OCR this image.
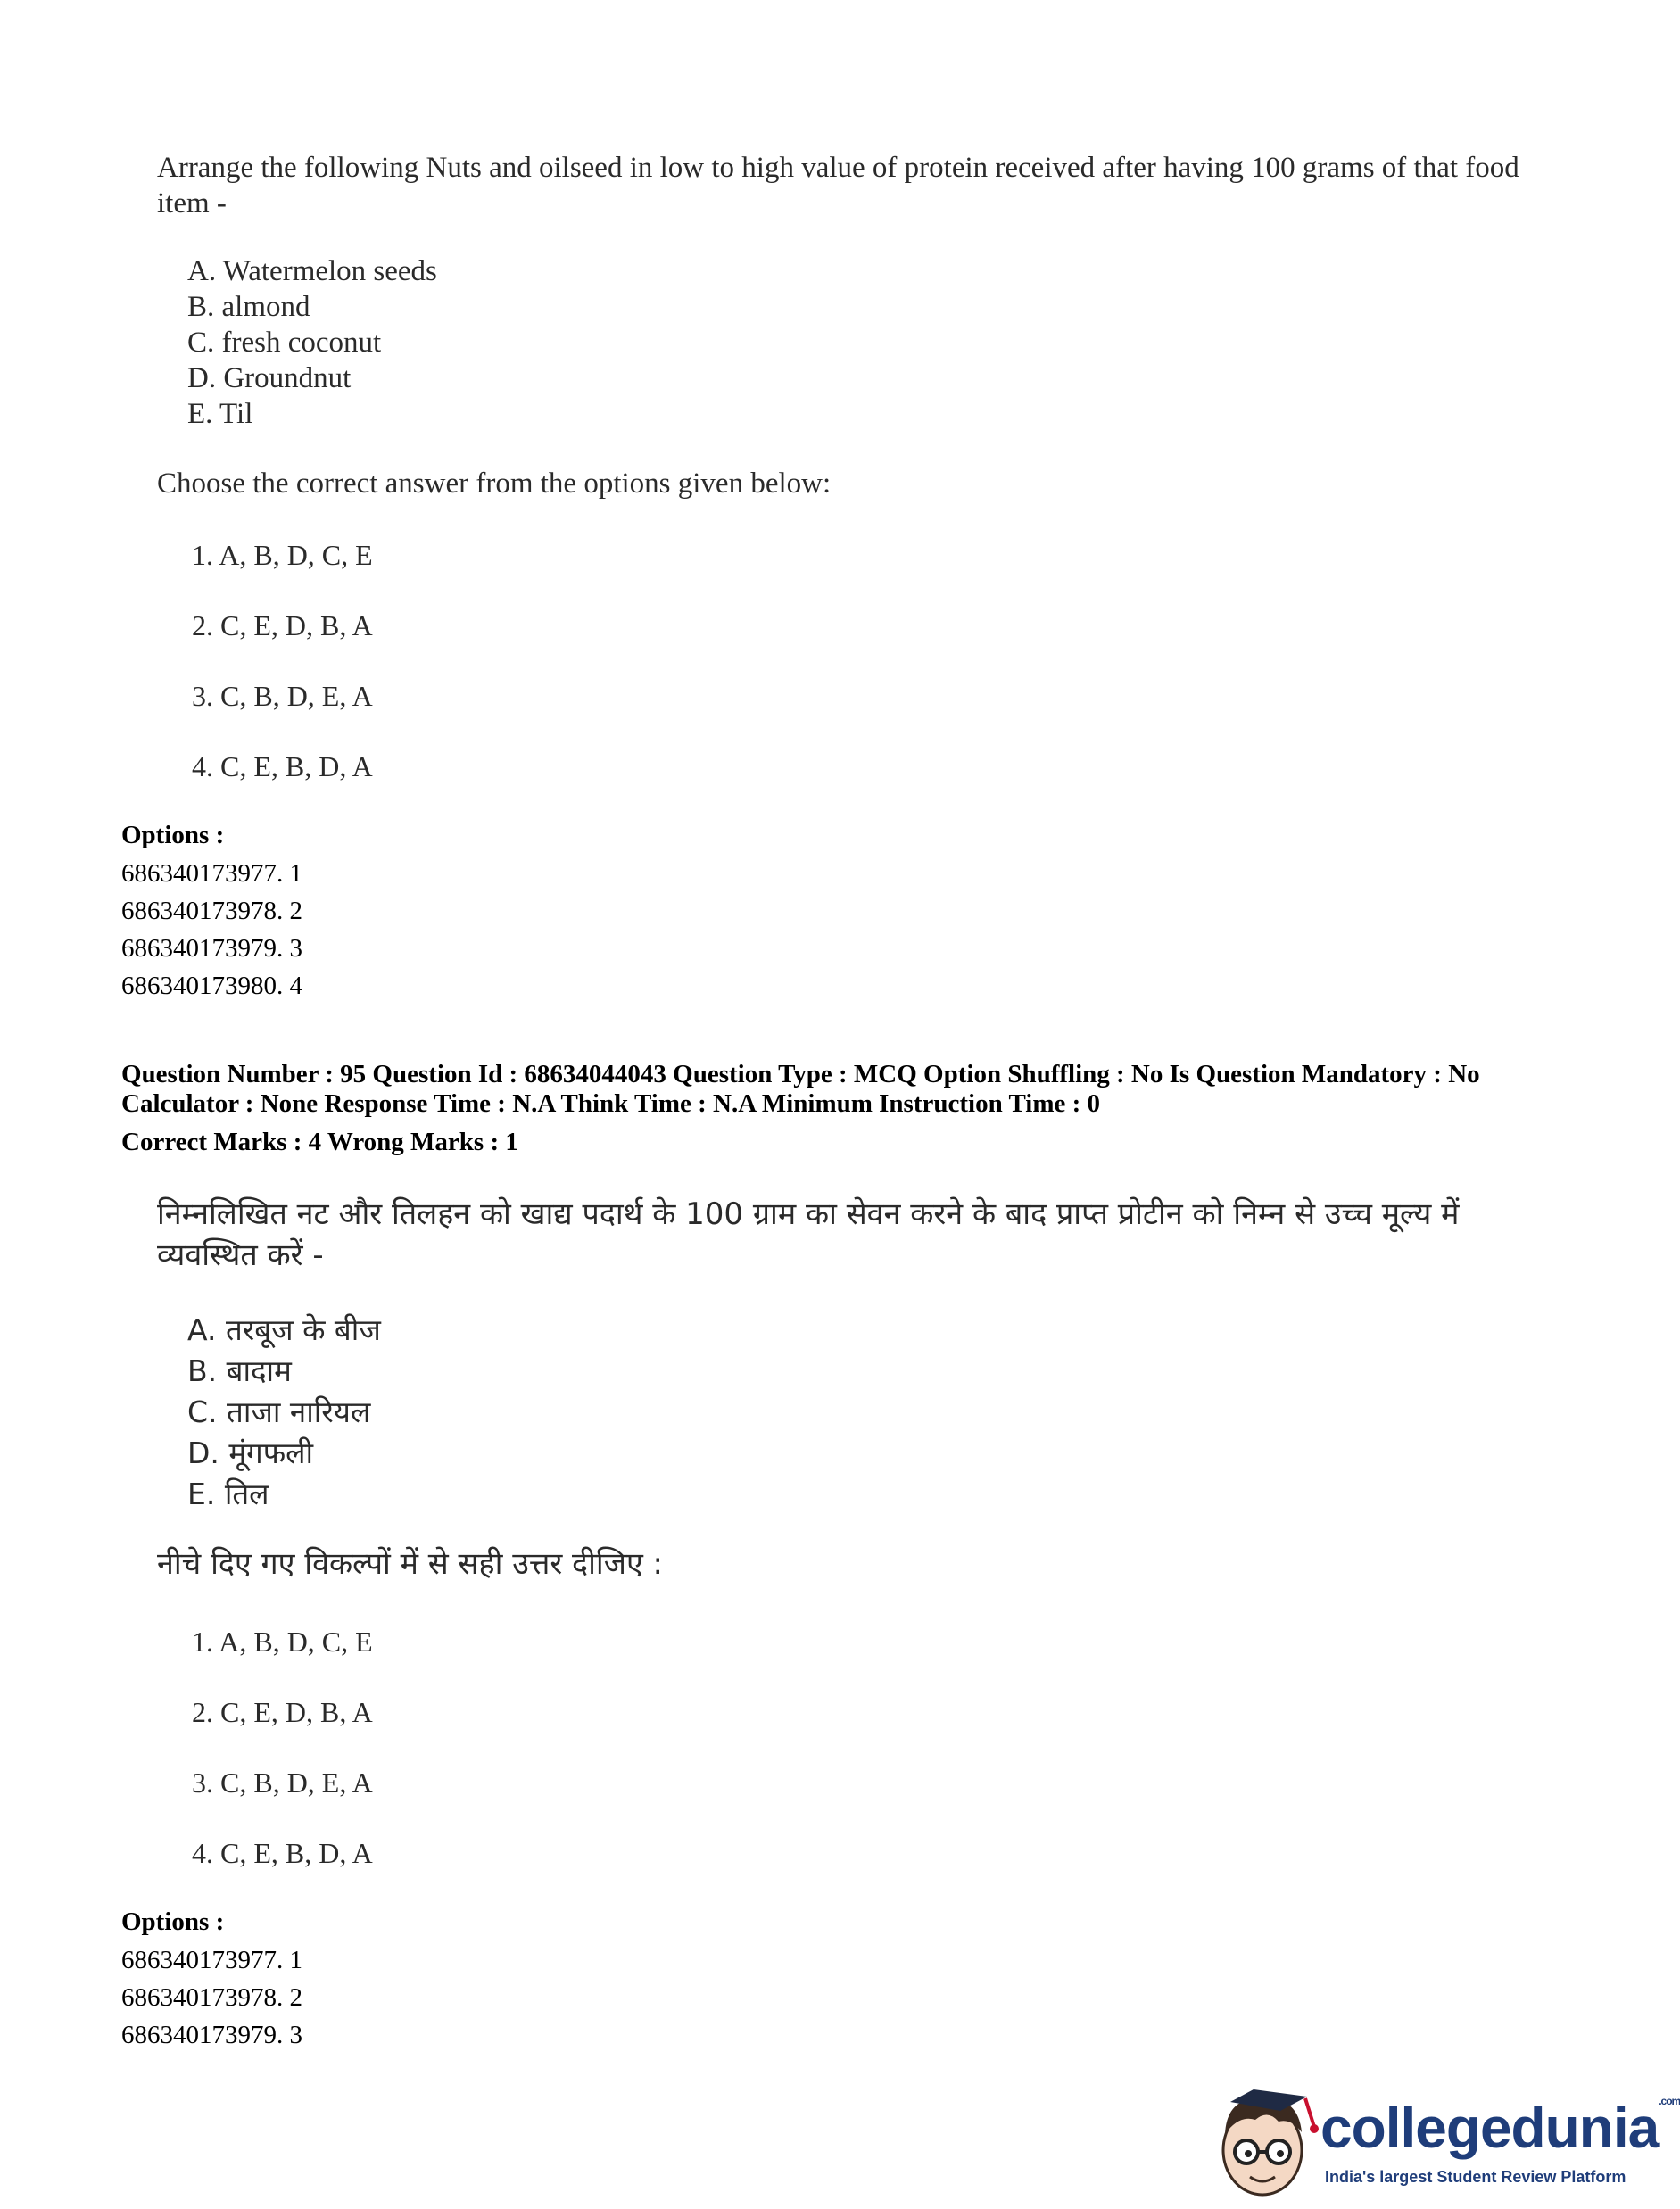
Arrange the following Nuts and oilseed in low to high value of protein received after having 100 grams of that food item -
A. Watermelon seeds
B. almond
C. fresh coconut
D. Groundnut
E. Til
Choose the correct answer from the options given below:
1. A, B, D, C, E
2. C, E, D, B, A
3. C, B, D, E, A
4. C, E, B, D, A
Options :
686340173977. 1
686340173978. 2
686340173979. 3
686340173980. 4
Question Number : 95 Question Id : 68634044043 Question Type : MCQ Option Shuffling : No Is Question Mandatory : No Calculator : None Response Time : N.A Think Time : N.A Minimum Instruction Time : 0
Correct Marks : 4 Wrong Marks : 1
निम्नलिखित नट और तिलहन को खाद्य पदार्थ के 100 ग्राम का सेवन करने के बाद प्राप्त प्रोटीन को निम्न से उच्च मूल्य में व्यवस्थित करें -
A. तरबूज के बीज
B. बादाम
C. ताजा नारियल
D. मूंगफली
E. तिल
नीचे दिए गए विकल्पों में से सही उत्तर दीजिए :
1. A, B, D, C, E
2. C, E, D, B, A
3. C, B, D, E, A
4. C, E, B, D, A
Options :
686340173977. 1
686340173978. 2
686340173979. 3
collegedunia$^{.com}$
India's largest Student Review Platform
